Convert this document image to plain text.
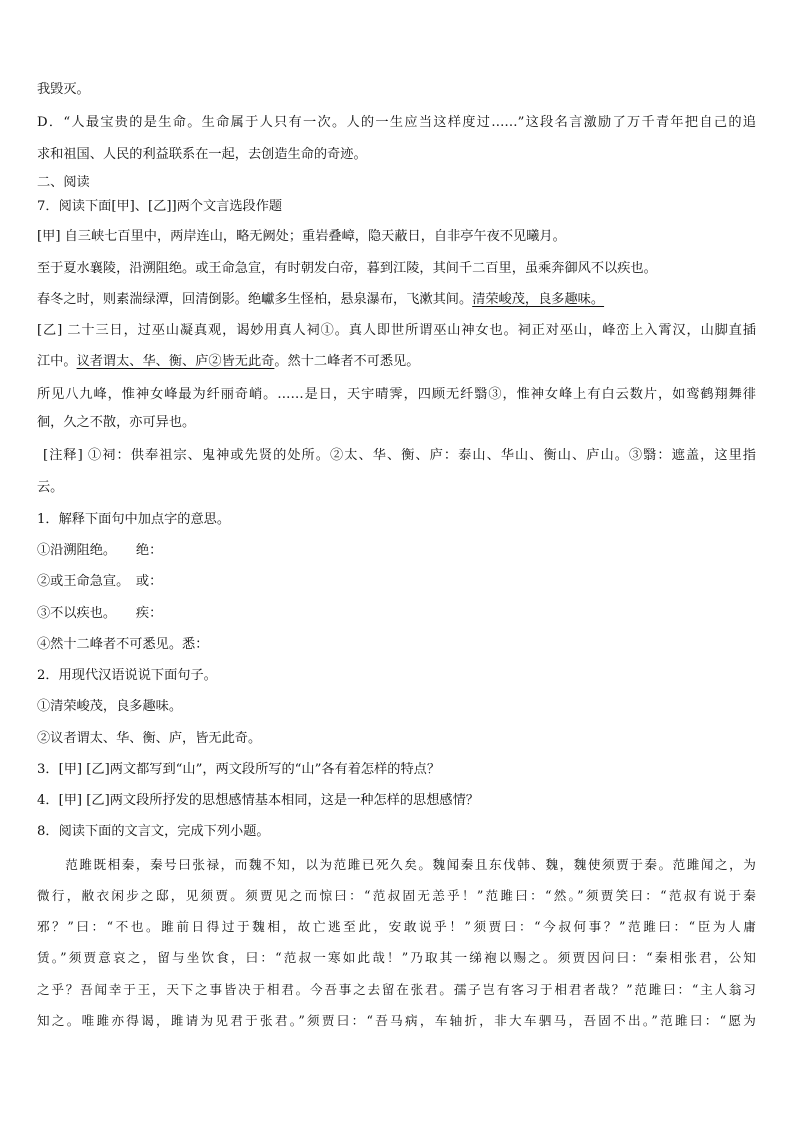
我毁灭。
D．“人最宝贵的是生命。生命属于人只有一次。人的一生应当这样度过……”这段名言激励了万千青年把自己的追
求和祖国、人民的利益联系在一起，去创造生命的奇迹。
二、阅读
7．阅读下面[甲]、[乙]]两个文言选段作题
[甲] 自三峡七百里中，两岸连山，略无阙处；重岩叠嶂，隐天蔽日，自非亭午夜不见曦月。
至于夏水襄陵，沿溯阻绝。或王命急宣，有时朝发白帝，暮到江陵，其间千二百里，虽乘奔御风不以疾也。
春冬之时，则素湍绿潭，回清倒影。绝巘多生怪柏，悬泉瀑布，飞漱其间。清荣峻茂，良多趣味。
[乙] 二十三日，过巫山凝真观，谒妙用真人祠①。真人即世所谓巫山神女也。祠正对巫山，峰峦上入霄汉，山脚直插
江中。议者谓太、华、衡、庐②皆无此奇。然十二峰者不可悉见。
所见八九峰，惟神女峰最为纤丽奇峭。……是日，天宇晴霁，四顾无纤翳③，惟神女峰上有白云数片，如鸾鹤翔舞徘
徊，久之不散，亦可异也。
[注释] ①祠：供奉祖宗、鬼神或先贤的处所。②太、华、衡、庐：泰山、华山、衡山、庐山。③翳：遮盖，这里指
云。
1．解释下面句中加点字的意思。
①沿溯阻绝。　　绝：
②或王命急宣。　或：
③不以疾也。　　疾：
④然十二峰者不可悉见。悉：
2．用现代汉语说说下面句子。
①清荣峻茂，良多趣味。
②议者谓太、华、衡、庐，皆无此奇。
3．[甲] [乙]两文都写到“山”，两文段所写的“山”各有着怎样的特点？
4．[甲] [乙]两文段所抒发的思想感情基本相同，这是一种怎样的思想感情？
8．阅读下面的文言文，完成下列小题。
　　范雎既相秦，秦号曰张禄，而魏不知，以为范雎已死久矣。魏闻秦且东伐韩、魏，魏使须贾于秦。范雎闻之，为
微行，敝衣闲步之邸，见须贾。须贾见之而惊曰：“范叔固无恙乎！”范雎曰：“然。”须贾笑曰：“范叔有说于秦
邪？”曰：“不也。雎前日得过于魏相，故亡逃至此，安敢说乎！”须贾曰：“今叔何事？”范雎曰：“臣为人庸
赁。”须贾意哀之，留与坐饮食，曰：“范叔一寒如此哉！”乃取其一绨袍以赐之。须贾因问曰：“秦相张君，公知
之乎？吾闻幸于王，天下之事皆决于相君。今吾事之去留在张君。孺子岂有客习于相君者哉？”范雎曰：“主人翁习
知之。唯雎亦得谒，雎请为见君于张君。”须贾曰：“吾马病，车轴折，非大车驷马，吾固不出。”范雎曰：“愿为
